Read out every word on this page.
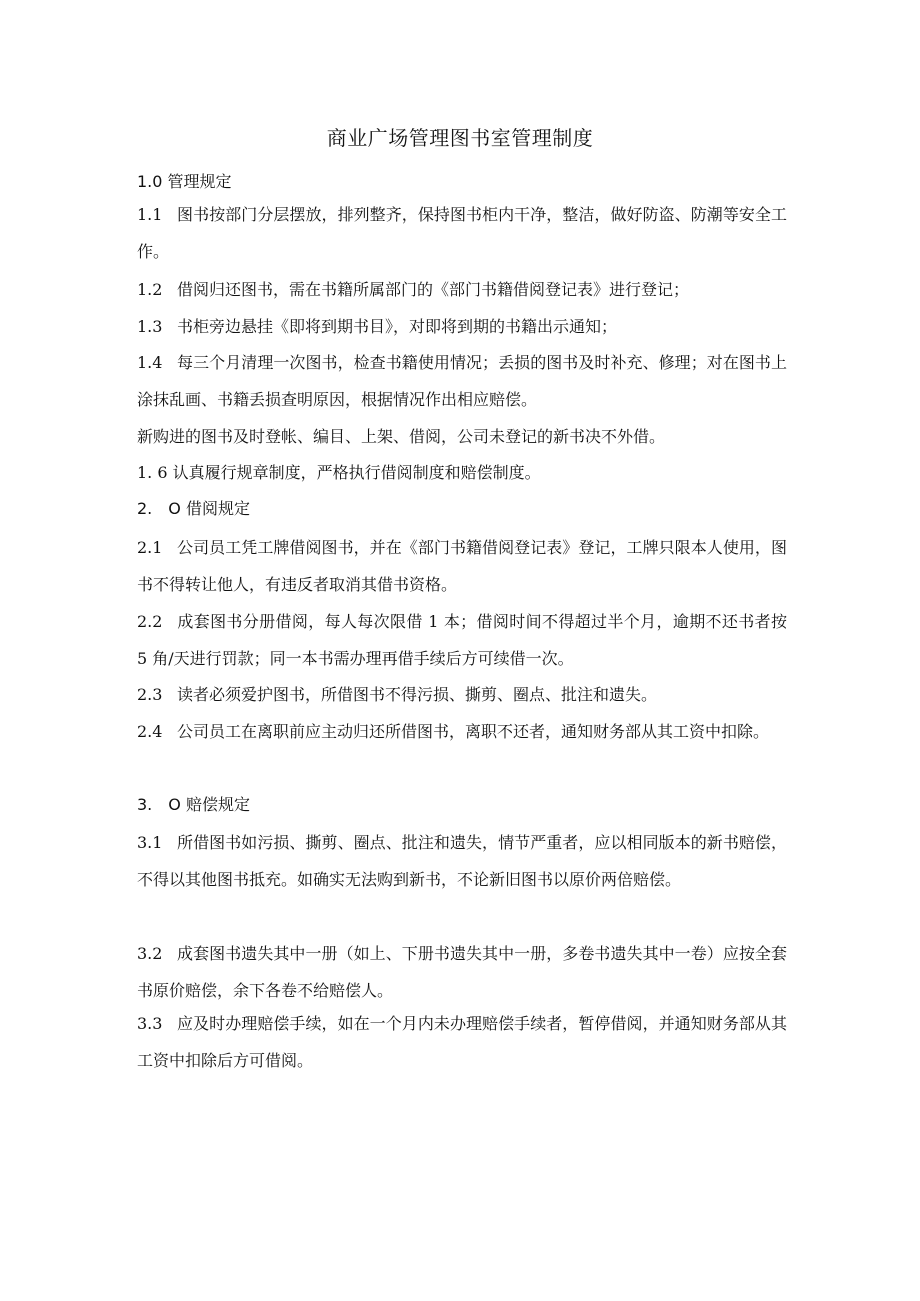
商业广场管理图书室管理制度
1.0 管理规定
1.1 图书按部门分层摆放，排列整齐，保持图书柜内干净，整洁，做好防盗、防潮等安全工作。
1.2 借阅归还图书，需在书籍所属部门的《部门书籍借阅登记表》进行登记；
1.3 书柜旁边悬挂《即将到期书目》，对即将到期的书籍出示通知；
1.4 每三个月清理一次图书，检查书籍使用情况；丢损的图书及时补充、修理；对在图书上涂抹乱画、书籍丢损查明原因，根据情况作出相应赔偿。
新购进的图书及时登帐、编目、上架、借阅，公司未登记的新书决不外借。
1. 6 认真履行规章制度，严格执行借阅制度和赔偿制度。
2.　O 借阅规定
2.1 公司员工凭工牌借阅图书，并在《部门书籍借阅登记表》登记，工牌只限本人使用，图书不得转让他人，有违反者取消其借书资格。
2.2 成套图书分册借阅，每人每次限借 1 本；借阅时间不得超过半个月，逾期不还书者按 5 角/天进行罚款；同一本书需办理再借手续后方可续借一次。
2.3 读者必须爱护图书，所借图书不得污损、撕剪、圈点、批注和遗失。
2.4 公司员工在离职前应主动归还所借图书，离职不还者，通知财务部从其工资中扣除。
3.　O 赔偿规定
3.1 所借图书如污损、撕剪、圈点、批注和遗失，情节严重者，应以相同版本的新书赔偿，不得以其他图书抵充。如确实无法购到新书，不论新旧图书以原价两倍赔偿。
3.2 成套图书遗失其中一册（如上、下册书遗失其中一册，多卷书遗失其中一卷）应按全套书原价赔偿，余下各卷不给赔偿人。
3.3 应及时办理赔偿手续，如在一个月内未办理赔偿手续者，暂停借阅，并通知财务部从其工资中扣除后方可借阅。
